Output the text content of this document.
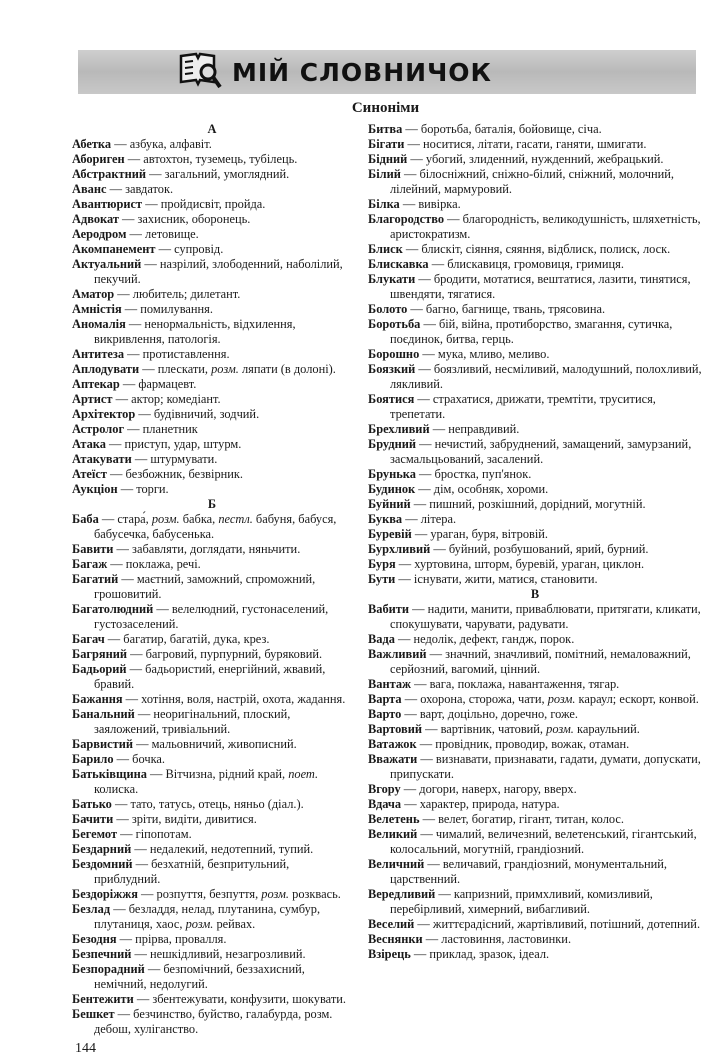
МІЙ СЛОВНИЧОК
Синоніми
А
Абетка — азбука, алфавіт.
Абориген — автохтон, туземець, тубілець.
Абстрактний — загальний, умоглядний.
Аванс — завдаток.
Авантюрист — пройдисвіт, пройда.
Адвокат — захисник, оборонець.
Аеродром — летовище.
Акомпанемент — супровід.
Актуальний — назрілий, злободенний, наболілий, пекучий.
Аматор — любитель; дилетант.
Амністія — помилування.
Аномалія — ненормальність, відхилення, викривлення, патологія.
Антитеза — протиставлення.
Аплодувати — плескати, розм. ляпати (в долоні).
Аптекар — фармацевт.
Артист — актор; комедіант.
Архітектор — будівничий, зодчий.
Астролог — планетник
Атака — приступ, удар, штурм.
Атакувати — штурмувати.
Атеїст — безбожник, безвірник.
Аукціон — торги.
Б
Баба — стара́, розм. бабка, пестл. бабуня, бабуся, бабусечка, бабусенька.
Бавити — забавляти, доглядати, няньчити.
Багаж — поклажа, речі.
Багатий — маєтний, заможний, спроможний, грошовитий.
Багатолюдний — велелюдний, густонаселений, густозаселений.
Багач — багатир, багатій, дука, крез.
Багряний — багровий, пурпурний, буряковий.
Бадьорий — бадьористий, енергійний, жвавий, бравий.
Бажання — хотіння, воля, настрій, охота, жадання.
Банальний — неоригінальний, плоский, заяложений, тривіальний.
Барвистий — мальовничий, живописний.
Барило — бочка.
Батьківщина — Вітчизна, рідний край, поет. колиска.
Батько — тато, татусь, отець, няньо (діал.).
Бачити — зріти, видіти, дивитися.
Бегемот — гіпопотам.
Бездарний — недалекий, недотепний, тупий.
Бездомний — безхатній, безпритульний, приблудний.
Бездоріжжя — розпуття, безпуття, розм. розквась.
Безлад — безладдя, нелад, плутанина, сумбур, плутаниця, хаос, розм. рейвах.
Безодня — прірва, провалля.
Безпечний — нешкідливий, незагрозливий.
Безпорадний — безпомічний, беззахисний, немічний, недолугий.
Бентежити — збентежувати, конфузити, шокувати.
Бешкет — безчинство, буйство, галабурда, розм. дебош, хуліганство.
Битва — боротьба, баталія, бойовище, січа.
Бігати — носитися, літати, гасати, ганяти, шмигати.
Бідний — убогий, злиденний, нужденний, жебрацький.
Білий — білосніжний, сніжно-білий, сніжний, молочний, лілейний, мармуровий.
Білка — вивірка.
Благородство — благородність, великодушність, шляхетність, аристократизм.
Блиск — блискіт, сіяння, сяяння, відблиск, полиск, лоск.
Блискавка — блискавиця, громовиця, гримиця.
Блукати — бродити, мотатися, вештатися, лазити, тинятися, швендяти, тягатися.
Болото — багно, багнище, твань, трясовина.
Боротьба — бій, війна, протиборство, змагання, сутичка, поєдинок, битва, герць.
Борошно — мука, мливо, меливо.
Боязкий — боязливий, несміливий, малодушний, полохливий, лякливий.
Боятися — страхатися, дрижати, тремтіти, труситися, трепетати.
Брехливий — неправдивий.
Брудний — нечистий, забруднений, замащений, замурзаний, засмальцьований, засалений.
Брунька — бростка, пуп'янок.
Будинок — дім, особняк, хороми.
Буйний — пишний, розкішний, дорідний, могутній.
Буква — літера.
Буревій — ураган, буря, вітровій.
Бурхливий — буйний, розбушований, ярий, бурний.
Буря — хуртовина, шторм, буревій, ураган, циклон.
Бути — існувати, жити, матися, становити.
В
Вабити — надити, манити, приваблювати, притягати, кликати, спокушувати, чарувати, радувати.
Вада — недолік, дефект, гандж, порок.
Важливий — значний, значливий, помітний, немаловажний, серйозний, вагомий, цінний.
Вантаж — вага, поклажа, навантаження, тягар.
Варта — охорона, сторожа, чати, розм. караул; ескорт, конвой.
Варто — варт, доцільно, доречно, гоже.
Вартовий — вартівник, чатовий, розм. караульний.
Ватажок — провідник, проводир, вожак, отаман.
Вважати — визнавати, признавати, гадати, думати, допускати, припускати.
Вгору — догори, наверх, нагору, вверх.
Вдача — характер, природа, натура.
Велетень — велет, богатир, гігант, титан, колос.
Великий — чималий, величезний, велетенський, гігантський, колосальний, могутній, грандіозний.
Величний — величавий, грандіозний, монументальний, царственний.
Вередливий — капризний, примхливий, комизливий, перебірливий, химерний, вибагливий.
Веселий — життєрадісний, жартівливий, потішний, дотепний.
Веснянки — ластовиння, ластовинки.
Взірець — приклад, зразок, ідеал.
144
